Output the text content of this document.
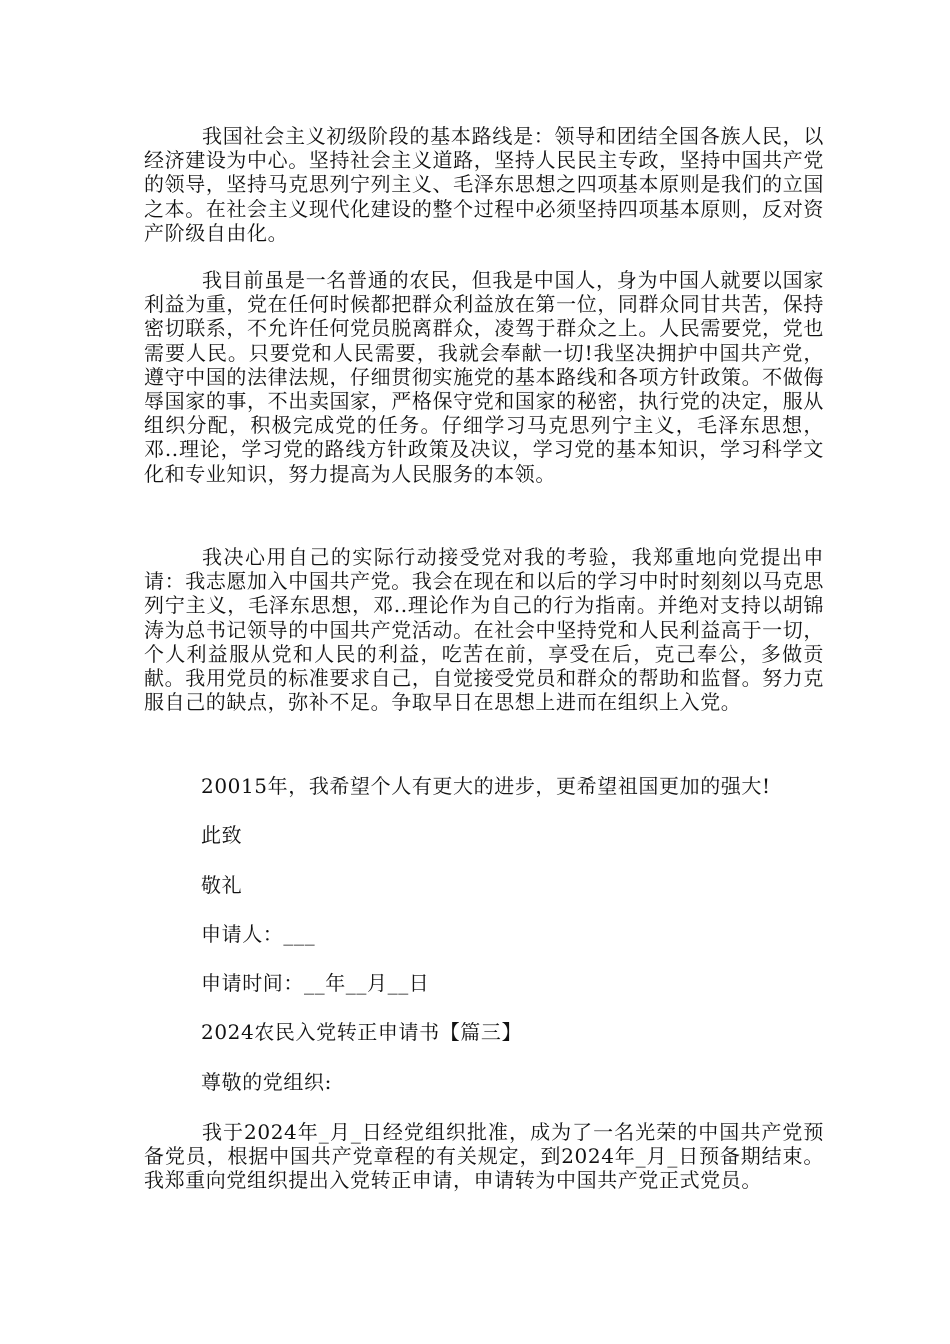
我国社会主义初级阶段的基本路线是：领导和团结全国各族人民，以经济建设为中心。坚持社会主义道路，坚持人民民主专政，坚持中国共产党的领导，坚持马克思列宁列主义、毛泽东思想之四项基本原则是我们的立国之本。在社会主义现代化建设的整个过程中必须坚持四项基本原则，反对资产阶级自由化。

我目前虽是一名普通的农民，但我是中国人，身为中国人就要以国家利益为重，党在任何时候都把群众利益放在第一位，同群众同甘共苦，保持密切联系，不允许任何党员脱离群众，凌驾于群众之上。人民需要党，党也需要人民。只要党和人民需要，我就会奉献一切!我坚决拥护中国共产党，遵守中国的法律法规，仔细贯彻实施党的基本路线和各项方针政策。不做侮辱国家的事，不出卖国家，严格保守党和国家的秘密，执行党的决定，服从组织分配，积极完成党的任务。仔细学习马克思列宁主义，毛泽东思想，邓..理论，学习党的路线方针政策及决议，学习党的基本知识，学习科学文化和专业知识，努力提高为人民服务的本领。

我决心用自己的实际行动接受党对我的考验，我郑重地向党提出申请：我志愿加入中国共产党。我会在现在和以后的学习中时时刻刻以马克思列宁主义，毛泽东思想，邓..理论作为自己的行为指南。并绝对支持以胡锦涛为总书记领导的中国共产党活动。在社会中坚持党和人民利益高于一切，个人利益服从党和人民的利益，吃苦在前，享受在后，克己奉公，多做贡献。我用党员的标准要求自己，自觉接受党员和群众的帮助和监督。努力克服自己的缺点，弥补不足。争取早日在思想上进而在组织上入党。

20015年，我希望个人有更大的进步，更希望祖国更加的强大!

此致

敬礼

申请人：___

申请时间：__年__月__日

2024农民入党转正申请书【篇三】

尊敬的党组织:

我于2024年_月_日经党组织批准，成为了一名光荣的中国共产党预备党员，根据中国共产党章程的有关规定，到2024年_月_日预备期结束。我郑重向党组织提出入党转正申请，申请转为中国共产党正式党员。
